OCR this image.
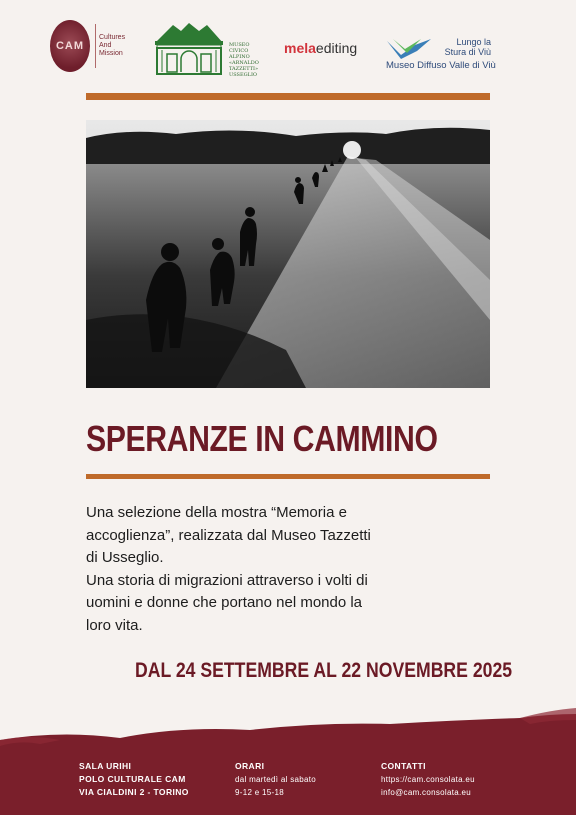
CAM
Cultures
And
Mission
MUSEO
CIVICO
ALPINO
«ARNALDO
TAZZETTI»
USSEGLIO
melaediting	Lungo la Stura di Viù
Museo Diffuso Valle di Viù
SPERANZE IN CAMMINO

Una selezione della mostra “Memoria e accoglienza”, realizzata dal Museo Tazzetti di Usseglio.

Una storia di migrazioni attraverso i volti di uomini e donne che portano nel mondo la loro vita.

DAL 24 SETTEMBRE AL 22 NOVEMBRE 2025
SALA URIHI
POLO CULTURALE CAM
VIA CIALDINI 2 - TORINO
ORARI
dal martedì al sabato
9-12 e 15-18
CONTATTI
https://cam.consolata.eu
info@cam.consolata.eu
